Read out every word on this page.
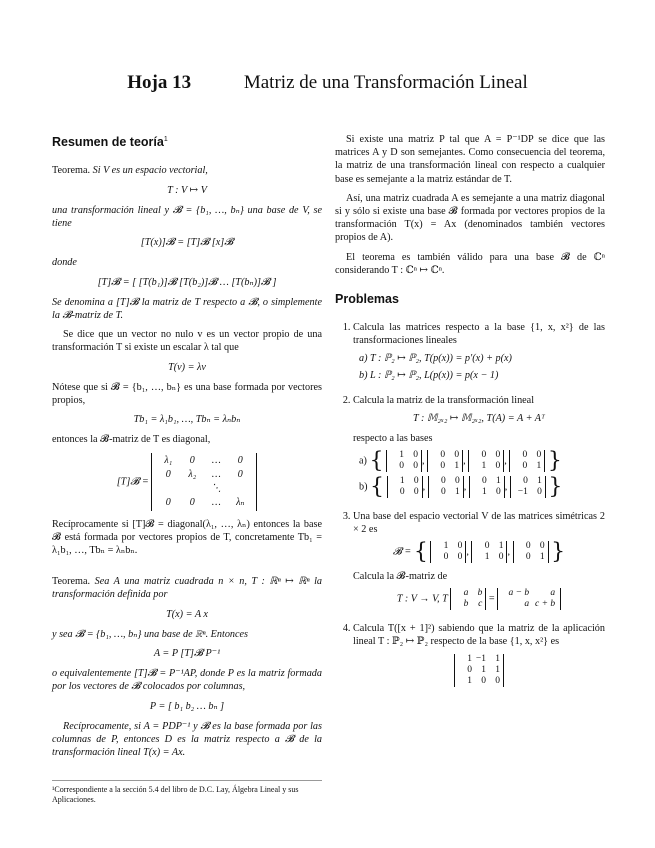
Hoja 13	Matriz de una Transformación Lineal
Resumen de teoría$^1$

Teorema. Si V es un espacio vectorial,

T : V ↦ V

una transformación lineal y 𝓑 = {b₁, …, bₙ} una base de V, se tiene

[T(x)]𝓑 = [T]𝓑 [x]𝓑

donde

[T]𝓑 = [ [T(b₁)]𝓑 [T(b₂)]𝓑 … [T(bₙ)]𝓑 ]

Se denomina a [T]𝓑 la matriz de T respecto a 𝓑, o simplemente la 𝓑-matriz de T.

Se dice que un vector no nulo v es un vector propio de una transformación T si existe un escalar λ tal que

T(v) = λv

Nótese que si 𝓑 = {b₁, …, bₙ} es una base formada por vectores propios,

Tb₁ = λ₁b₁, …, Tbₙ = λₙbₙ

entonces la 𝓑-matriz de T es diagonal,

[T]𝓑 = λ₁ 0 … 0
0 λ₂ … 0
⋱
0 0 … λₙ

Recíprocamente si [T]𝓑 = diagonal(λ₁, …, λₙ) entonces la base 𝓑 está formada por vectores propios de T, concretamente Tb₁ = λ₁b₁, …, Tbₙ = λₙbₙ.

Teorema. Sea A una matriz cuadrada n × n, T : ℝⁿ ↦ ℝⁿ la transformación definida por

T(x) = A x

y sea 𝓑 = {b₁, …, bₙ} una base de ℝⁿ. Entonces

A = P [T]𝓑 P⁻¹

o equivalentemente [T]𝓑 = P⁻¹AP, donde P es la matriz formada por los vectores de 𝓑 colocados por columnas,

P = [ b₁ b₂ … bₙ ]

Recíprocamente, si A = PDP⁻¹ y 𝓑 es la base formada por las columnas de P, entonces D es la matriz respecto a 𝓑 de la transformación lineal T(x) = Ax.

¹Correspondiente a la sección 5.4 del libro de D.C. Lay, Álgebra Lineal y sus Aplicaciones.

Si existe una matriz P tal que A = P⁻¹DP se dice que las matrices A y D son semejantes. Como consecuencia del teorema, la matriz de una transformación lineal con respecto a cualquier base es semejante a la matriz estándar de T.

Así, una matriz cuadrada A es semejante a una matriz diagonal si y sólo si existe una base 𝓑 formada por vectores propios de la transformación T(x) = Ax (denominados también vectores propios de A).

El teorema es también válido para una base 𝓑 de ℂⁿ considerando T : ℂⁿ ↦ ℂⁿ.

Problemas
1. Calcula las matrices respecto a la base {1, x, x²} de las transformaciones lineales
a) T : ℙ₂ ↦ ℙ₂, T(p(x)) = p′(x) + p(x)
b) L : ℙ₂ ↦ ℙ₂, L(p(x)) = p(x − 1)
2. Calcula la matriz de la transformación lineal
T : 𝕄₂ₓ₂ ↦ 𝕄₂ₓ₂, T(A) = A + Aᵀ
respecto a las bases
a) { 1 0
0 0 , 0 0
0 1 , 0 0
1 0 , 0 0
0 1 }
b) { 1 0
0 0 , 0 0
0 1 , 0 1
1 0 , 0 1
−1 0 }
3. Una base del espacio vectorial V de las matrices simétricas 2 × 2 es
𝓑 = { 1 0
0 0 , 0 1
1 0 , 0 0
0 1 }
Calcula la 𝓑-matriz de
T : V → V, T a b
b c = a − b a
a c + b
4. Calcula T([x + 1]²) sabiendo que la matriz de la aplicación lineal T : ℙ₂ ↦ ℙ₂ respecto de la base {1, x, x²} es
1 −1 1
0 1 1
1 0 0
